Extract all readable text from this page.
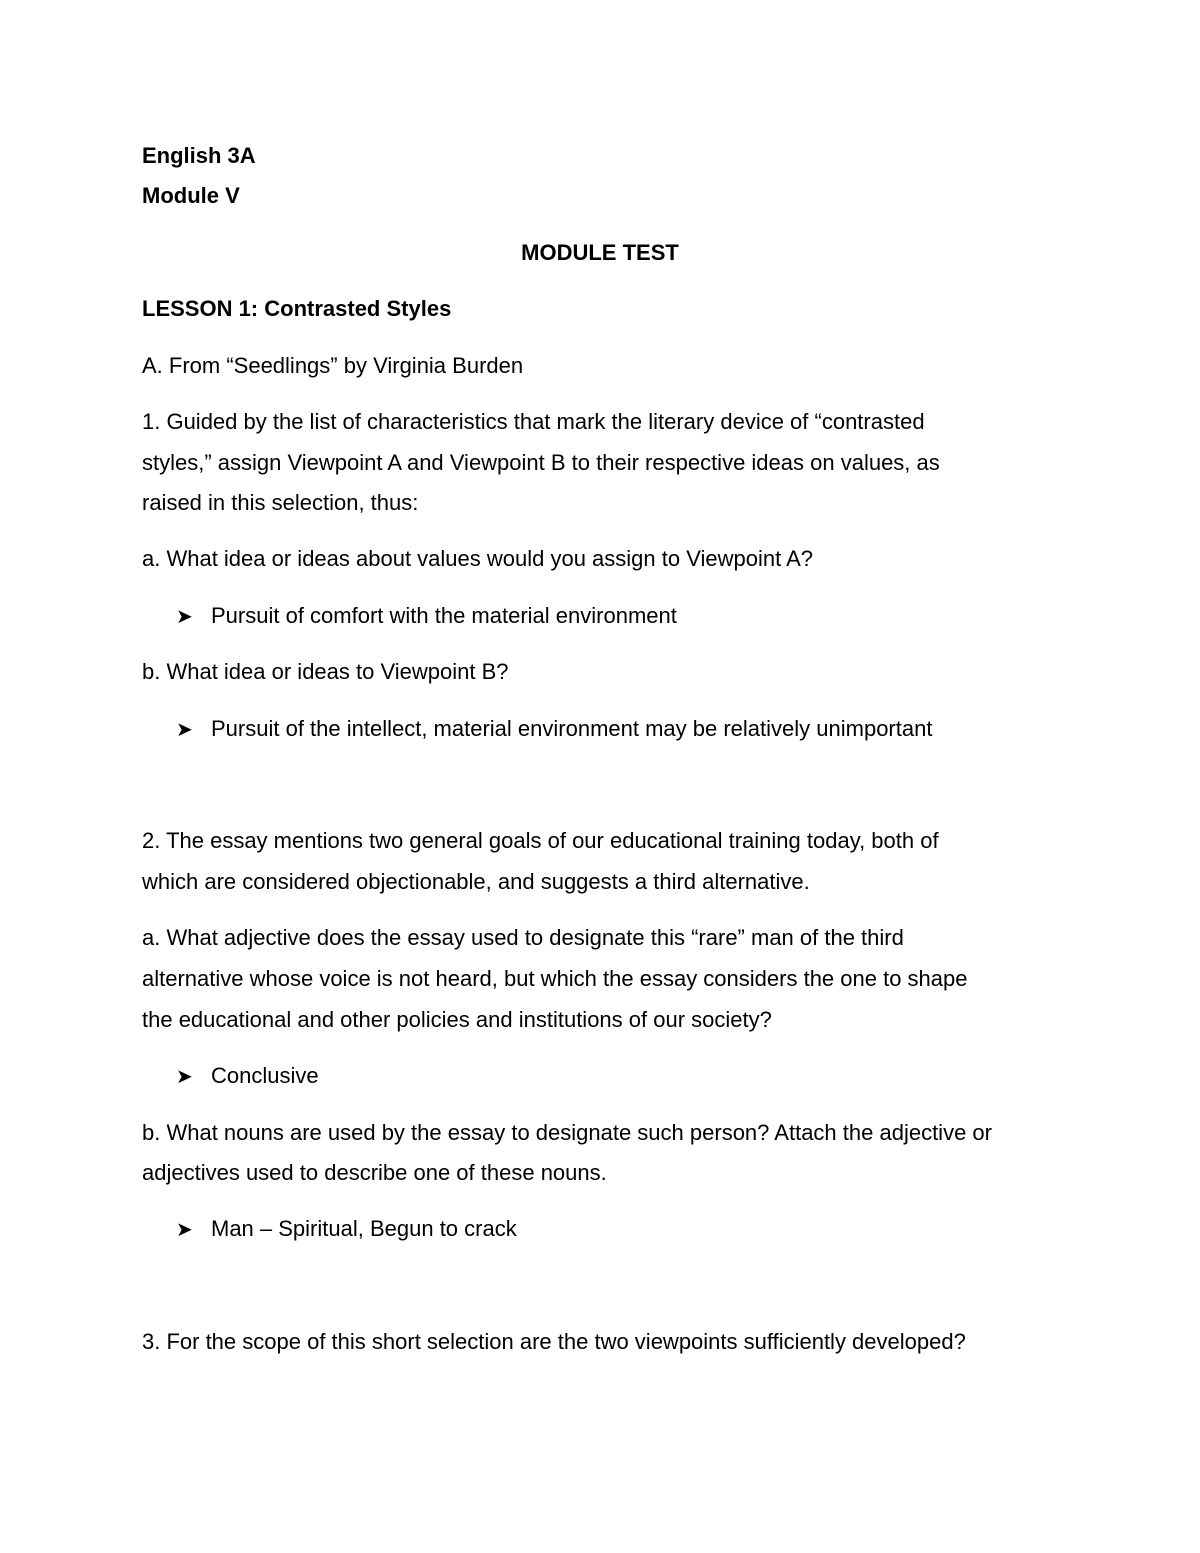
English 3A
Module V
MODULE TEST
LESSON 1: Contrasted Styles
A. From “Seedlings” by Virginia Burden
1. Guided by the list of characteristics that mark the literary device of “contrasted
styles,” assign Viewpoint A and Viewpoint B to their respective ideas on values, as
raised in this selection, thus:
a. What idea or ideas about values would you assign to Viewpoint A?
➤ Pursuit of comfort with the material environment
b. What idea or ideas to Viewpoint B?
➤ Pursuit of the intellect, material environment may be relatively unimportant
2. The essay mentions two general goals of our educational training today, both of
which are considered objectionable, and suggests a third alternative.
a. What adjective does the essay used to designate this “rare” man of the third
alternative whose voice is not heard, but which the essay considers the one to shape
the educational and other policies and institutions of our society?
➤ Conclusive
b. What nouns are used by the essay to designate such person? Attach the adjective or
adjectives used to describe one of these nouns.
➤ Man – Spiritual, Begun to crack
3. For the scope of this short selection are the two viewpoints sufficiently developed?
